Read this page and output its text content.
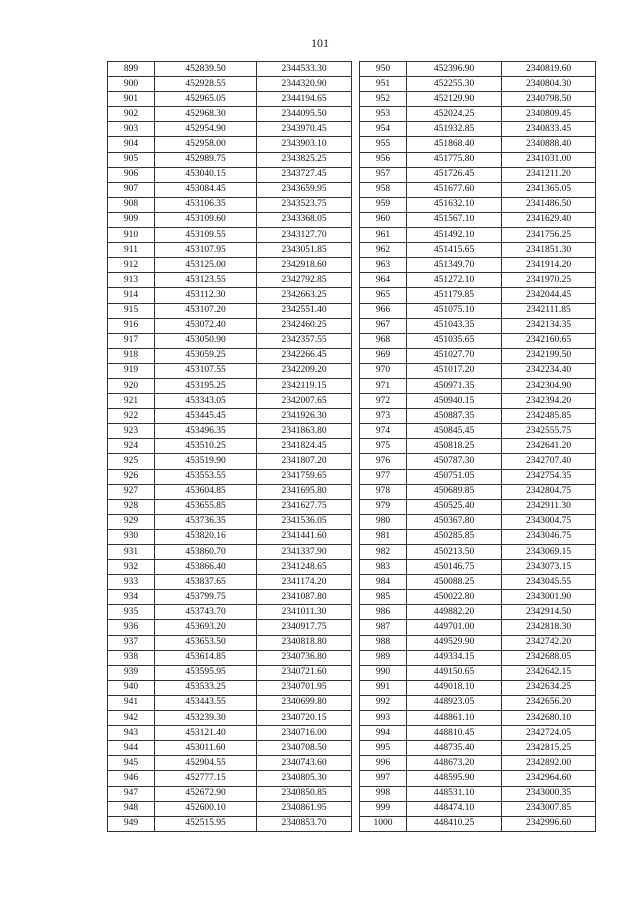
101
899	452839.50	2344533.30
900	452928.55	2344320.90
901	452965.05	2344194.65
902	452968.30	2344095.50
903	452954.90	2343970.45
904	452958.00	2343903.10
905	452989.75	2343825.25
906	453040.15	2343727.45
907	453084.45	2343659.95
908	453106.35	2343523.75
909	453109.60	2343368.05
910	453109.55	2343127.70
911	453107.95	2343051.85
912	453125.00	2342918.60
913	453123.55	2342792.85
914	453112.30	2342663.25
915	453107.20	2342551.40
916	453072.40	2342460.25
917	453050.90	2342357.55
918	453059.25	2342266.45
919	453107.55	2342209.20
920	453195.25	2342119.15
921	453343.05	2342007.65
922	453445.45	2341926.30
923	453496.35	2341863.80
924	453510.25	2341824.45
925	453519.90	2341807.20
926	453553.55	2341759.65
927	453604.85	2341695.80
928	453655.85	2341627.75
929	453736.35	2341536.05
930	453820.16	2341441.60
931	453860.70	2341337.90
932	453866.40	2341248.65
933	453837.65	2341174.20
934	453799.75	2341087.80
935	453743.70	2341011.30
936	453693.20	2340917.75
937	453653.50	2340818.80
938	453614.85	2340736.80
939	453595.95	2340721.60
940	453533.25	2340701.95
941	453443.55	2340699.80
942	453239.30	2340720.15
943	453121.40	2340716.00
944	453011.60	2340708.50
945	452904.55	2340743.60
946	452777.15	2340805.30
947	452672.90	2340850.85
948	452600.10	2340861.95
949	452515.95	2340853.70
950	452396.90	2340819.60
951	452255.30	2340804.30
952	452129.90	2340798.50
953	452024.25	2340809.45
954	451932.85	2340833.45
955	451868.40	2340888.40
956	451775.80	2341031.00
957	451726.45	2341211.20
958	451677.60	2341365.05
959	451632.10	2341486.50
960	451567.10	2341629.40
961	451492.10	2341756.25
962	451415.65	2341851.30
963	451349.70	2341914.20
964	451272.10	2341970.25
965	451179.85	2342044.45
966	451075.10	2342111.85
967	451043.35	2342134.35
968	451035.65	2342160.65
969	451027.70	2342199.50
970	451017.20	2342234.40
971	450971.35	2342304.90
972	450940.15	2342394.20
973	450887.35	2342485.85
974	450845.45	2342555.75
975	450818.25	2342641.20
976	450787.30	2342707.40
977	450751.05	2342754.35
978	450689.85	2342804.75
979	450525.40	2342911.30
980	450367.80	2343004.75
981	450285.85	2343046.75
982	450213.50	2343069.15
983	450146.75	2343073.15
984	450088.25	2343045.55
985	450022.80	2343001.90
986	449882.20	2342914.50
987	449701.00	2342818.30
988	449529.90	2342742.20
989	449334.15	2342688.05
990	449150.65	2342642.15
991	449018.10	2342634.25
992	448923.05	2342656.20
993	448861.10	2342680.10
994	448810.45	2342724.05
995	448735.40	2342815.25
996	448673.20	2342892.00
997	448595.90	2342964.60
998	448531.10	2343000.35
999	448474.10	2343007.85
1000	448410.25	2342996.60
